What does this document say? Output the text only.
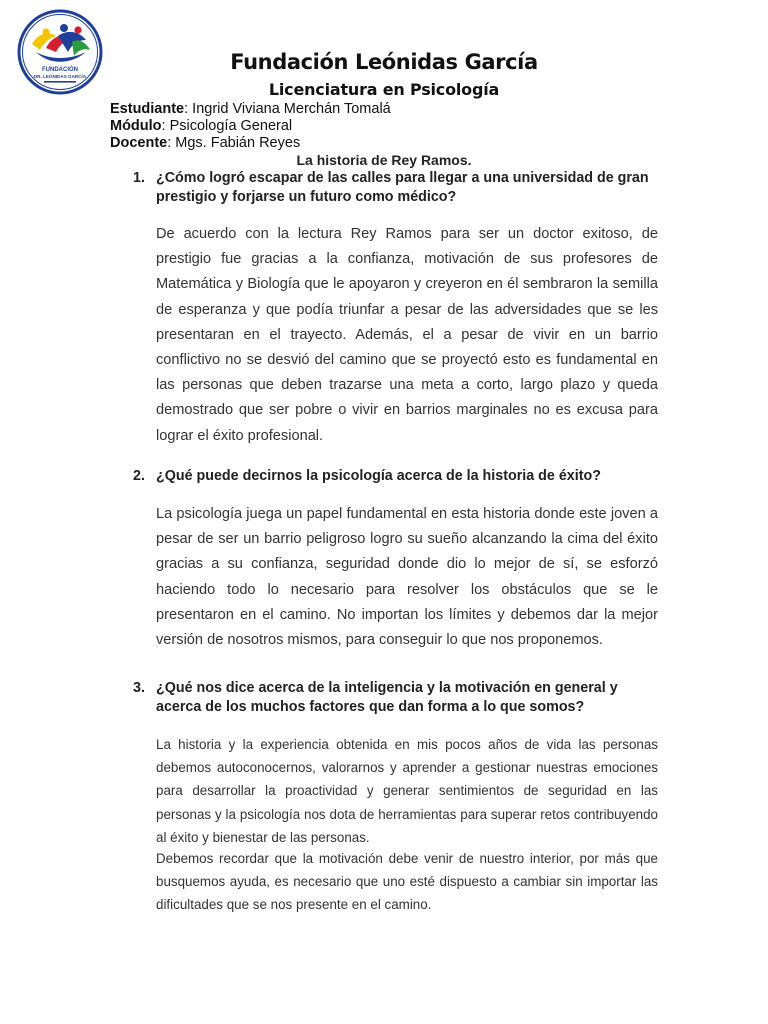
FUNDACIÓN
DR. LEÓNIDAS GARCÍA
Fundación Leónidas García
Licenciatura en Psicología
Estudiante: Ingrid Viviana Merchán Tomalá
Módulo: Psicología General
Docente: Mgs. Fabián Reyes
La historia de Rey Ramos.
1. ¿Cómo logró escapar de las calles para llegar a una universidad de gran prestigio y forjarse un futuro como médico?
De acuerdo con la lectura Rey Ramos para ser un doctor exitoso, de prestigio fue gracias a la confianza, motivación de sus profesores de Matemática y Biología que le apoyaron y creyeron en él sembraron la semilla de esperanza y que podía triunfar a pesar de las adversidades que se les presentaran en el trayecto. Además, el a pesar de vivir en un barrio conflictivo no se desvió del camino que se proyectó esto es fundamental en las personas que deben trazarse una meta a corto, largo plazo y queda demostrado que ser pobre o vivir en barrios marginales no es excusa para lograr el éxito profesional.
2. ¿Qué puede decirnos la psicología acerca de la historia de éxito?
La psicología juega un papel fundamental en esta historia donde este joven a pesar de ser un barrio peligroso logro su sueño alcanzando la cima del éxito gracias a su confianza, seguridad donde dio lo mejor de sí, se esforzó haciendo todo lo necesario para resolver los obstáculos que se le presentaron en el camino. No importan los límites y debemos dar la mejor versión de nosotros mismos, para conseguir lo que nos proponemos.
3. ¿Qué nos dice acerca de la inteligencia y la motivación en general y acerca de los muchos factores que dan forma a lo que somos?
La historia y la experiencia obtenida en mis pocos años de vida las personas debemos autoconocernos, valorarnos y aprender a gestionar nuestras emociones para desarrollar la proactividad y generar sentimientos de seguridad en las personas y la psicología nos dota de herramientas para superar retos contribuyendo al éxito y bienestar de las personas.
Debemos recordar que la motivación debe venir de nuestro interior, por más que busquemos ayuda, es necesario que uno esté dispuesto a cambiar sin importar las dificultades que se nos presente en el camino.
